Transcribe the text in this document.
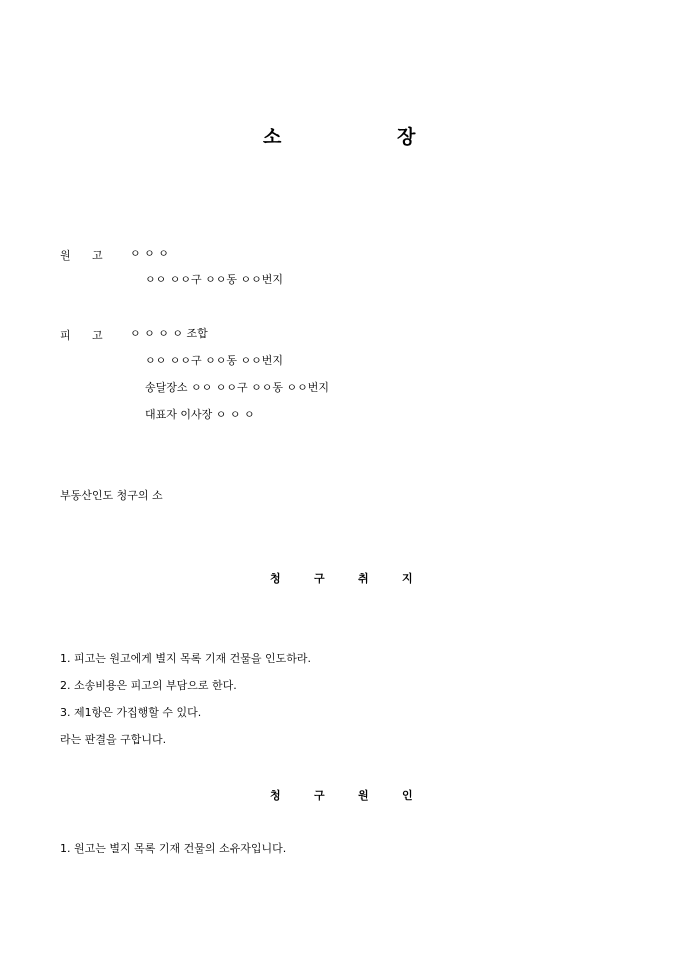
소	장
원 고 ㅇ ㅇ ㅇ
ㅇㅇ ㅇㅇ구 ㅇㅇ동 ㅇㅇ번지
피 고 ㅇ ㅇ ㅇ ㅇ 조합
ㅇㅇ ㅇㅇ구 ㅇㅇ동 ㅇㅇ번지
송달장소 ㅇㅇ ㅇㅇ구 ㅇㅇ동 ㅇㅇ번지
대표자 이사장 ㅇ ㅇ ㅇ
부동산인도 청구의 소
청	구	취	지
1. 피고는 원고에게 별지 목록 기재 건물을 인도하라.
2. 소송비용은 피고의 부담으로 한다.
3. 제1항은 가집행할 수 있다.
라는 판결을 구합니다.
청	구	원	인
1. 원고는 별지 목록 기재 건물의 소유자입니다.
